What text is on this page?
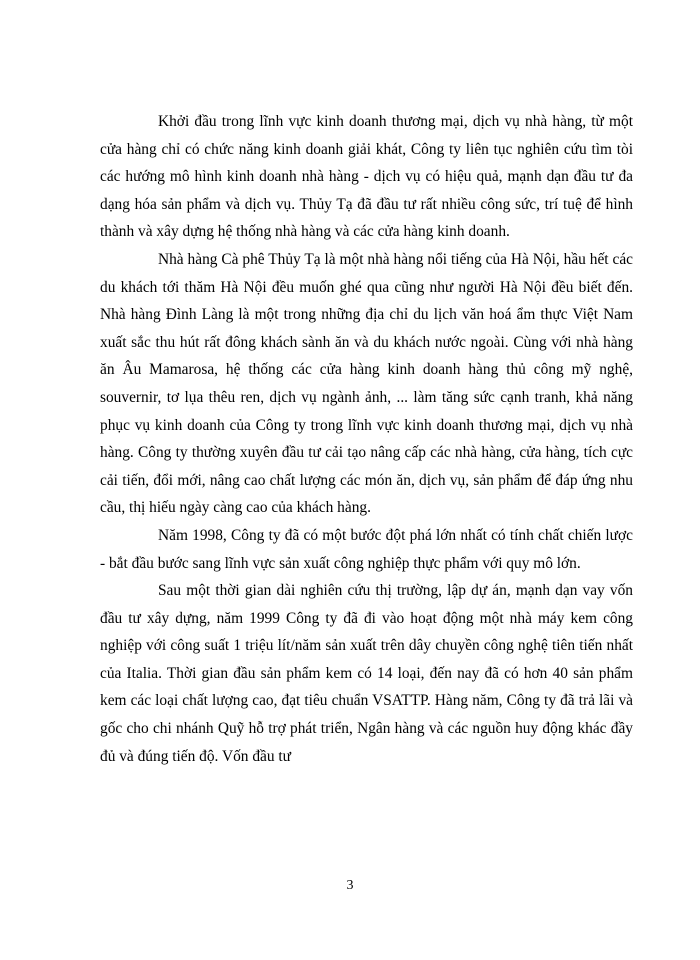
Khởi đầu trong lĩnh vực kinh doanh thương mại, dịch vụ nhà hàng, từ một cửa hàng chỉ có chức năng kinh doanh giải khát, Công ty liên tục nghiên cứu tìm tòi các hướng mô hình kinh doanh nhà hàng - dịch vụ có hiệu quả, mạnh dạn đầu tư đa dạng hóa sản phẩm và dịch vụ. Thủy Tạ đã đầu tư rất nhiều công sức, trí tuệ để hình thành và xây dựng hệ thống nhà hàng và các cửa hàng kinh doanh.

Nhà hàng Cà phê Thủy Tạ là một nhà hàng nổi tiếng của Hà Nội, hầu hết các du khách tới thăm Hà Nội đều muốn ghé qua cũng như người Hà Nội đều biết đến. Nhà hàng Đình Làng là một trong những địa chỉ du lịch văn hoá ẩm thực Việt Nam xuất sắc thu hút rất đông khách sành ăn và du khách nước ngoài. Cùng với nhà hàng ăn Âu Mamarosa, hệ thống các cửa hàng kinh doanh hàng thủ công mỹ nghệ, souvernir, tơ lụa thêu ren, dịch vụ ngành ảnh, ... làm tăng sức cạnh tranh, khả năng phục vụ kinh doanh của Công ty trong lĩnh vực kinh doanh thương mại, dịch vụ nhà hàng. Công ty thường xuyên đầu tư cải tạo nâng cấp các nhà hàng, cửa hàng, tích cực cải tiến, đổi mới, nâng cao chất lượng các món ăn, dịch vụ, sản phẩm để đáp ứng nhu cầu, thị hiếu ngày càng cao của khách hàng.

Năm 1998, Công ty đã có một bước đột phá lớn nhất có tính chất chiến lược - bắt đầu bước sang lĩnh vực sản xuất công nghiệp thực phẩm với quy mô lớn.

Sau một thời gian dài nghiên cứu thị trường, lập dự án, mạnh dạn vay vốn đầu tư xây dựng, năm 1999 Công ty đã đi vào hoạt động một nhà máy kem công nghiệp với công suất 1 triệu lít/năm sản xuất trên dây chuyền công nghệ tiên tiến nhất của Italia. Thời gian đầu sản phẩm kem có 14 loại, đến nay đã có hơn 40 sản phẩm kem các loại chất lượng cao, đạt tiêu chuẩn VSATTP. Hàng năm, Công ty đã trả lãi và gốc cho chi nhánh Quỹ hỗ trợ phát triển, Ngân hàng và các nguồn huy động khác đầy đủ và đúng tiến độ. Vốn đầu tư

3
